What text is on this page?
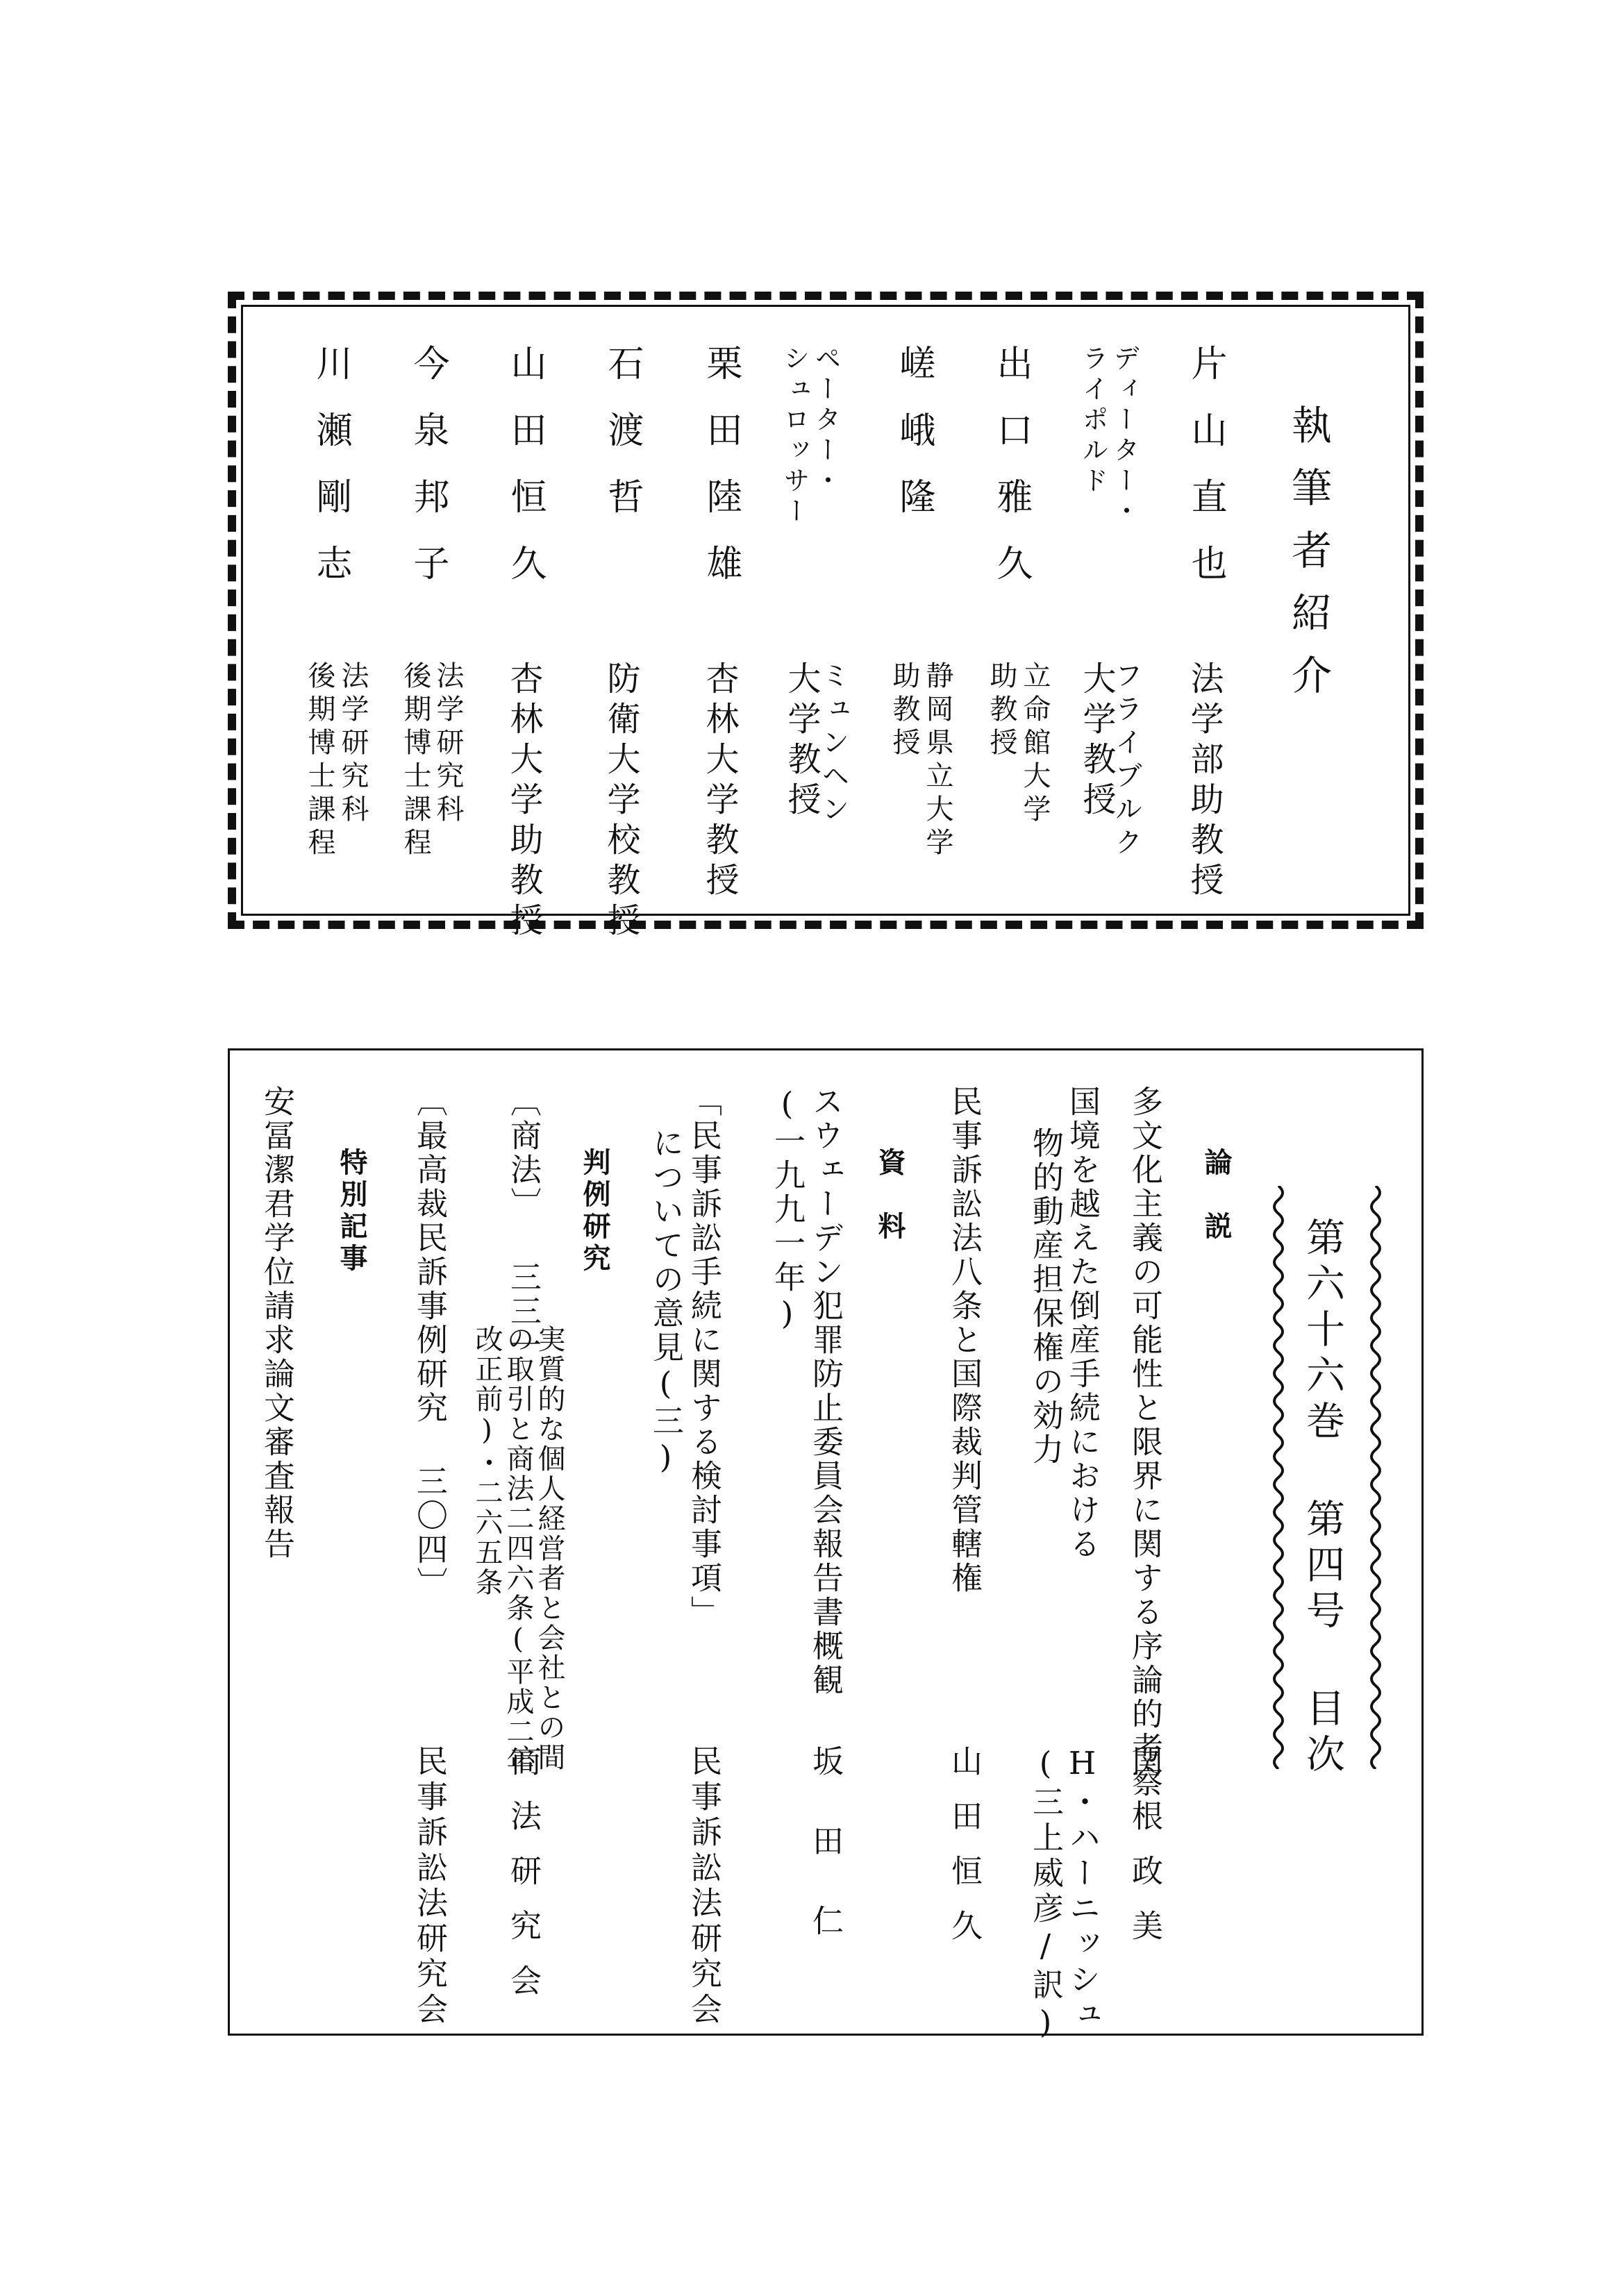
執筆者紹介
片山直也
法学部助教授
ディーター・
ライポルド
フライブルク
大学教授
出口雅久
立命館大学
助教授
嵯峨隆
静岡県立大学
助教授
ペーター・
シュロッサー
ミュンヘン
大学教授
栗田陸雄
杏林大学教授
石渡哲
防衛大学校教授
山田恒久
杏林大学助教授
今泉邦子
法学研究科
後期博士課程
川瀬剛志
法学研究科
後期博士課程
第六十六巻 第四号 目次
論説
多文化主義の可能性と限界に関する序論的考察
関根政美
国境を越えた倒産手続における
物的動産担保権の効力
H・ハーニッシュ
(三上威彦/訳)
民事訴訟法八条と国際裁判管轄権
山田恒久
資料
スウェーデン犯罪防止委員会報告書概観
(一九九一年)
坂田仁
「民事訴訟手続に関する検討事項」
についての意見(三)
民事訴訟法研究会
判例研究
〔商法〕 三三一
実質的な個人経営者と会社との間
の取引と商法二四六条(平成二年
改正前)・二六五条
商法研究会
〔最高裁民訴事例研究 三〇四〕
民事訴訟法研究会
特別記事
安冨潔君学位請求論文審査報告
